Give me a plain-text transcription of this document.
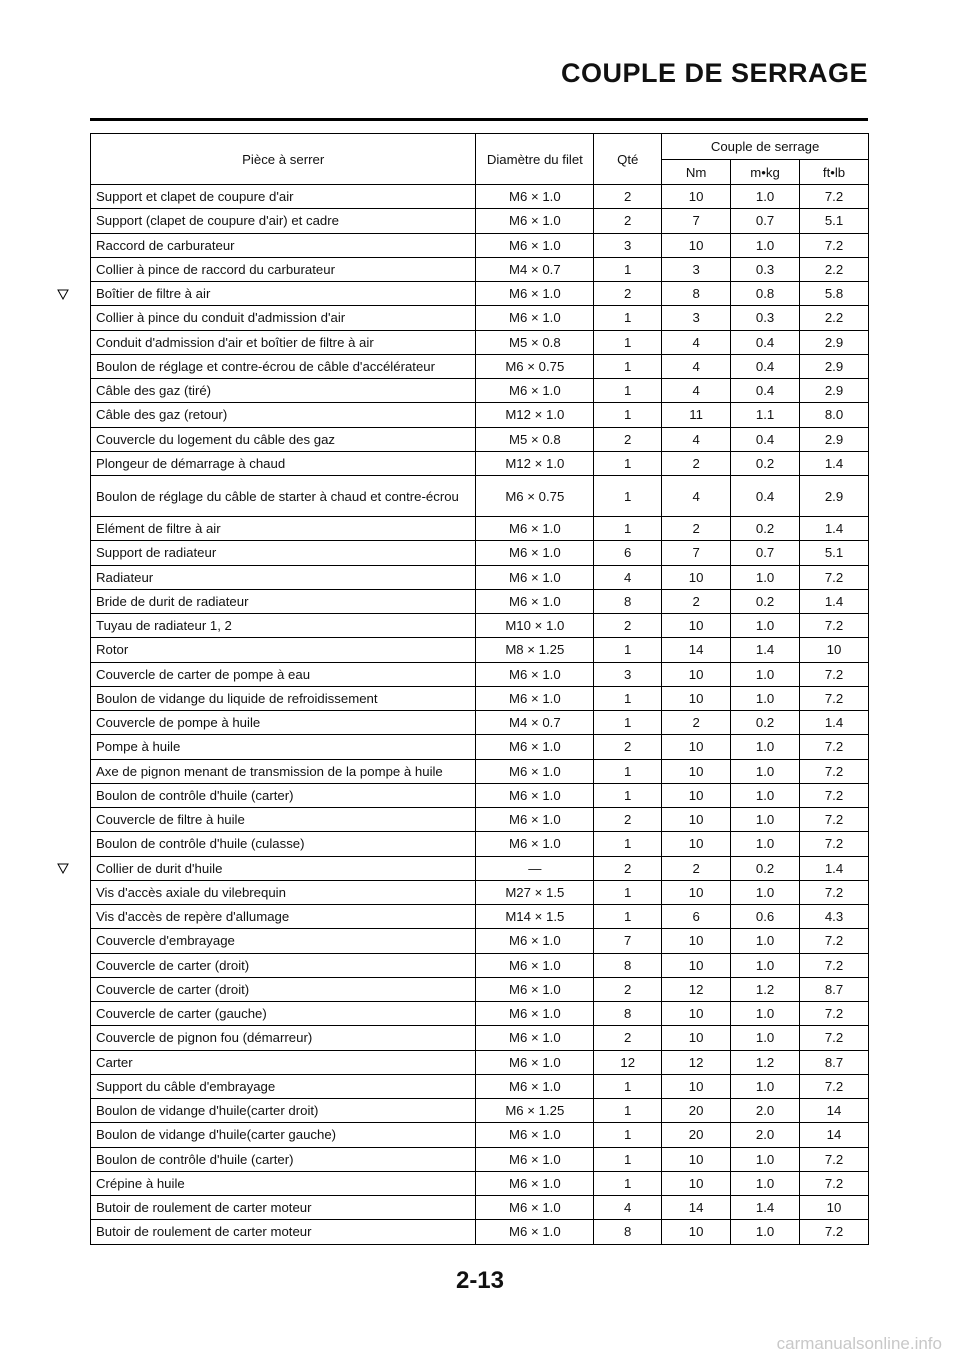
COUPLE DE SERRAGE
Pièce à serrer	Diamètre du filet	Qté	Couple de serrage		
			Nm	m•kg	ft•lb
Support et clapet de coupure d'air	M6 × 1.0	2	10	1.0	7.2
Support (clapet de coupure d'air) et cadre	M6 × 1.0	2	7	0.7	5.1
Raccord de carburateur	M6 × 1.0	3	10	1.0	7.2
Collier à pince de raccord du carburateur	M4 × 0.7	1	3	0.3	2.2
Boîtier de filtre à air	M6 × 1.0	2	8	0.8	5.8
Collier à pince du conduit d'admission d'air	M6 × 1.0	1	3	0.3	2.2
Conduit d'admission d'air et boîtier de filtre à air	M5 × 0.8	1	4	0.4	2.9
Boulon de réglage et contre-écrou de câble d'accélérateur	M6 × 0.75	1	4	0.4	2.9
Câble des gaz (tiré)	M6 × 1.0	1	4	0.4	2.9
Câble des gaz (retour)	M12 × 1.0	1	11	1.1	8.0
Couvercle du logement du câble des gaz	M5 × 0.8	2	4	0.4	2.9
Plongeur de démarrage à chaud	M12 × 1.0	1	2	0.2	1.4
Boulon de réglage du câble de starter à chaud et contre-écrou	M6 × 0.75	1	4	0.4	2.9
Elément de filtre à air	M6 × 1.0	1	2	0.2	1.4
Support de radiateur	M6 × 1.0	6	7	0.7	5.1
Radiateur	M6 × 1.0	4	10	1.0	7.2
Bride de durit de radiateur	M6 × 1.0	8	2	0.2	1.4
Tuyau de radiateur 1, 2	M10 × 1.0	2	10	1.0	7.2
Rotor	M8 × 1.25	1	14	1.4	10
Couvercle de carter de pompe à eau	M6 × 1.0	3	10	1.0	7.2
Boulon de vidange du liquide de refroidissement	M6 × 1.0	1	10	1.0	7.2
Couvercle de pompe à huile	M4 × 0.7	1	2	0.2	1.4
Pompe à huile	M6 × 1.0	2	10	1.0	7.2
Axe de pignon menant de transmission de la pompe à huile	M6 × 1.0	1	10	1.0	7.2
Boulon de contrôle d'huile (carter)	M6 × 1.0	1	10	1.0	7.2
Couvercle de filtre à huile	M6 × 1.0	2	10	1.0	7.2
Boulon de contrôle d'huile (culasse)	M6 × 1.0	1	10	1.0	7.2
Collier de durit d'huile	—	2	2	0.2	1.4
Vis d'accès axiale du vilebrequin	M27 × 1.5	1	10	1.0	7.2
Vis d'accès de repère d'allumage	M14 × 1.5	1	6	0.6	4.3
Couvercle d'embrayage	M6 × 1.0	7	10	1.0	7.2
Couvercle de carter (droit)	M6 × 1.0	8	10	1.0	7.2
Couvercle de carter (droit)	M6 × 1.0	2	12	1.2	8.7
Couvercle de carter (gauche)	M6 × 1.0	8	10	1.0	7.2
Couvercle de pignon fou (démarreur)	M6 × 1.0	2	10	1.0	7.2
Carter	M6 × 1.0	12	12	1.2	8.7
Support du câble d'embrayage	M6 × 1.0	1	10	1.0	7.2
Boulon de vidange d'huile(carter droit)	M6 × 1.25	1	20	2.0	14
Boulon de vidange d'huile(carter gauche)	M6 × 1.0	1	20	2.0	14
Boulon de contrôle d'huile (carter)	M6 × 1.0	1	10	1.0	7.2
Crépine à huile	M6 × 1.0	1	10	1.0	7.2
Butoir de roulement de carter moteur	M6 × 1.0	4	14	1.4	10
Butoir de roulement de carter moteur	M6 × 1.0	8	10	1.0	7.2
2-13
carmanualsonline.info
